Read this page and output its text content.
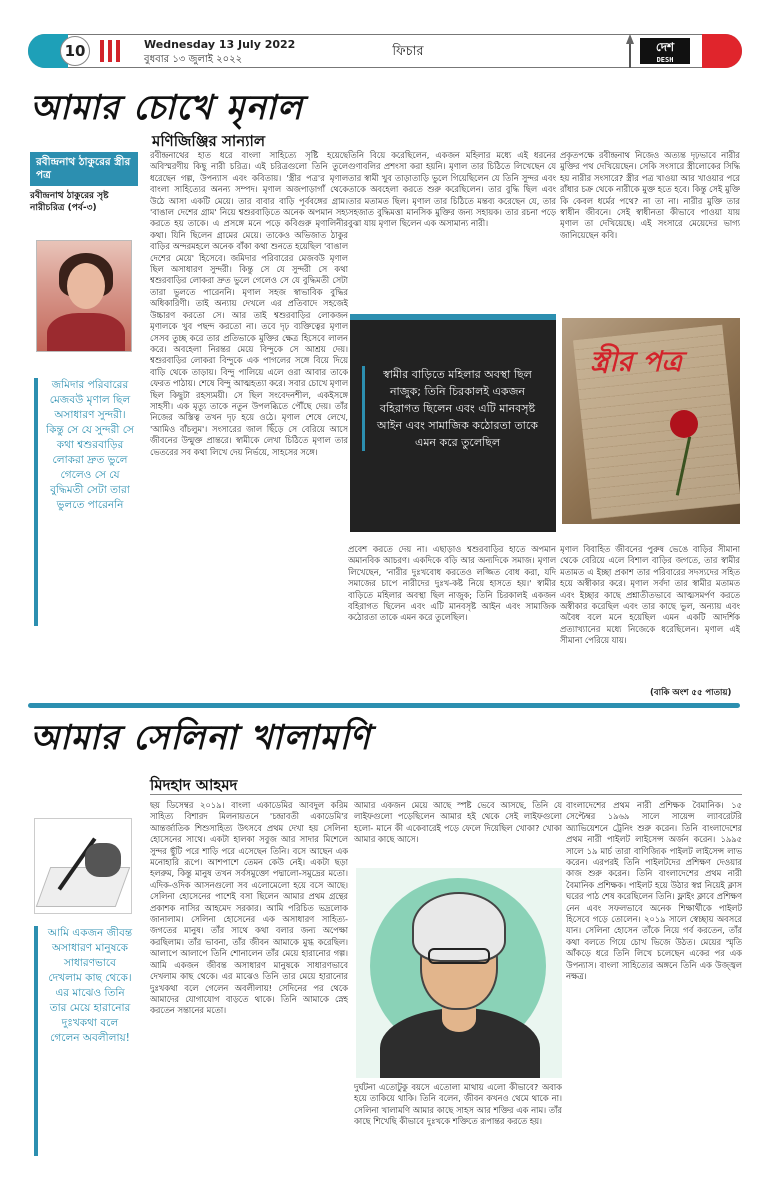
10	Wednesday 13 July 2022
বুধবার ১৩ জুলাই ২০২২
ফিচার	দেশ
DESH
আমার চোখে মৃনাল
মণিজিঞ্জির সান্যাল
রবীন্দ্রনাথ ঠাকুরের স্ত্রীর পত্র
রবীন্দ্রনাথ ঠাকুরের সৃষ্ট নারীচরিত্র (পর্ব-৩)
জমিদার পরিবারের মেজবউ মৃণাল ছিল অসাধারণ সুন্দরী। কিন্তু সে যে সুন্দরী সে কথা শ্বশুরবাড়ির লোকরা দ্রুত ভুলে গেলেও সে যে বুদ্ধিমতী সেটা তারা ভুলতে পারেননি
রবীন্দ্রনাথের হাত ধরে বাংলা সাহিত্যে সৃষ্টি হয়েছে অবিস্মরণীয় কিছু নারী চরিত্র। এই চরিত্রগুলো তিনি তুলে ধরেছেন গল্প, উপন্যাস এবং কবিতায়। 'স্ত্রীর পত্র'র মৃণাল বাংলা সাহিত্যের অনন্য সম্পদ। মৃণাল অজপাড়াগাঁ থেকে উঠে আসা একটি মেয়ে। তার বাবার বাড়ি পূর্ববঙ্গের গ্রাম। 'বাঙাল দেশের গ্রাম' নিয়ে শ্বশুরবাড়িতে অনেক অপমান সহ্য করতে হয় তাকে। এ প্রসঙ্গে মনে পড়ে কবিগুরু মৃণালিনীর কথা। যিনি ছিলেন গ্রামের মেয়ে। তাকেও অভিজাত ঠাকুর বাড়ির অন্দরমহলে অনেক বাঁকা কথা শুনতে হয়েছিল 'বাঙাল দেশের মেয়ে' হিসেবে। জমিদার পরিবারের মেজবউ মৃণাল ছিল অসাধারণ সুন্দরী। কিন্তু সে যে সুন্দরী সে কথা শ্বশুরবাড়ির লোকরা দ্রুত ভুলে গেলেও সে যে বুদ্ধিমতী সেটা তারা ভুলতে পারেননি। মৃণাল সহজ স্বাভাবিক বুদ্ধির অধিকারিণী। তাই অন্যায় দেখলে এর প্রতিবাদে সহজেই উচ্চারণ করতো সে। আর তাই শ্বশুরবাড়ির লোকজন মৃণালকে খুব পছন্দ করতো না। তবে দৃঢ় ব্যক্তিত্বের মৃণাল সেসব তুচ্ছ করে তার প্রতিভাকে মুক্তির ক্ষেত্র হিসেবে লালন করে। অবহেলা নিরন্তর মেয়ে বিন্দুকে সে আশ্রয় দেয়। শ্বশুরবাড়ির লোকরা বিন্দুকে এক পাগলের সঙ্গে বিয়ে দিয়ে বাড়ি থেকে তাড়ায়। বিন্দু পালিয়ে এলে ওরা আবার তাকে ফেরত পাঠায়। শেষে বিন্দু আত্মহত্যা করে। সবার চোখে মৃণাল ছিল কিছুটা রহস্যময়ী। সে ছিল সংবেদনশীল, একইসঙ্গে সাহসী। এক মৃত্যু তাকে নতুন উপলব্ধিতে পৌঁছে দেয়। তাঁর নিজের অস্তিত্ব তখন দৃঢ় হয়ে ওঠে। মৃণাল শেষে লেখে, 'আমিও বাঁচলুম'। সংসারের জাল ছিঁড়ে সে বেরিয়ে আসে জীবনের উন্মুক্ত প্রান্তরে। স্বামীকে লেখা চিঠিতে মৃণাল তার ভেতরের সব কথা লিখে দেয় নির্ভয়ে, সাহসের সঙ্গে।
তিনি বিয়ে করেছিলেন, একজন মহিলার মধ্যে এই ধরনের গুণাবলির প্রশংসা করা হয়নি। মৃণাল তার চিঠিতে লিখেছেন যে তার স্বামী খুব তাড়াতাড়ি ভুলে গিয়েছিলেন যে তিনি সুন্দর এবং তাকে অবহেলা করতে শুরু করেছিলেন। তার বুদ্ধি ছিল এবং তার মতামত ছিল। মৃণাল তার চিঠিতে মন্তব্য করেছেন যে, তার সহজাত বুদ্ধিমত্তা মানসিক মুক্তির জন্য সহায়ক। তার রচনা পড়ে বুঝা যায় মৃণাল ছিলেন এক অসামান্য নারী।
প্রকৃতপক্ষে রবীন্দ্রনাথ নিজেও অত্যন্ত দৃঢ়ভাবে নারীর মুক্তির পথ দেখিয়েছেন। সেকি সংসারে স্ত্রীলোকের সিদ্ধি হয় নারীর সংসারে? স্ত্রীর পত্র খাওয়া আর খাওয়ার পরে রাঁধার চক্র থেকে নারীকে মুক্ত হতে হবে। কিন্তু সেই মুক্তি কি কেবল ধর্মের পথে? না তা না। নারীর মুক্তি তার স্বাধীন জীবনে। সেই স্বাধীনতা কীভাবে পাওয়া যায় মৃণাল তা দেখিয়েছে। এই সংসারে মেয়েদের ভাগ্য জানিয়েছেন কবি।
স্বামীর বাড়িতে মহিলার অবস্থা ছিল নাজুক; তিনি চিরকালই একজন বহিরাগত ছিলেন এবং এটি মানবসৃষ্ট আইন এবং সামাজিক কঠোরতা তাকে এমন করে তুলেছিল
স্ত্রীর পত্র
প্রবেশ করতে দেয় না। এছাড়াও শ্বশুরবাড়ির হাতে অপমান অমানবিক আচরণ। একদিকে বড়ি আর অন্যদিকে সমাজ। মৃণাল লিখেছেন, 'নারীর দুঃখবোধ করতেও লজ্জিত বোধ করা, যদি সমাজের চাপে নারীদের দুঃখ-কষ্ট নিয়ে হাসতে হয়।' স্বামীর বাড়িতে মহিলার অবস্থা ছিল নাজুক; তিনি চিরকালই একজন বহিরাগত ছিলেন এবং এটি মানবসৃষ্ট আইন এবং সামাজিক কঠোরতা তাকে এমন করে তুলেছিল।
মৃণাল বিবাহিত জীবনের পুরুষ ভেঙে বাড়ির সীমানা থেকে বেরিয়ে এলে বিশাল বাড়ির জগতে, তার স্বামীর মতামত এ ইচ্ছা প্রকাশ তার পরিবারের সদস্যদের সহিত হয়ে অস্বীকার করে। মৃণাল সর্বদা তার স্বামীর মতামত এবং ইচ্ছার কাছে প্রশ্নাতীতভাবে আত্মসমর্পণ করতে অস্বীকার করেছিল এবং তার কাছে ভুল, অন্যায় এবং অবৈধ বলে মনে হয়েছিল এমন একটি আদর্শিক প্রত্যাখ্যানের মধ্যে নিজেকে ধরেছিলেন। মৃণাল এই সীমানা পেরিয়ে যায়।
(বাকি অংশ ৫৫ পাতায়)
আমার সেলিনা খালামণি
মিদহাদ আহমদ
আমি একজন জীবন্ত অসাধারণ মানুষকে সাধারণভাবে দেখলাম কাছ থেকে। এর মাঝেও তিনি তার মেয়ে হারানোর দুঃখকথা বলে গেলেন অবলীলায়!
ছয় ডিসেম্বর ২০১৯। বাংলা একাডেমির আবদুল করিম সাহিত্য বিশারদ মিলনায়তনে 'চন্দ্রাবতী একাডেমি'র আন্তর্জাতিক শিশুসাহিত্য উৎসবে প্রথম দেখা হয় সেলিনা হোসেনের সাথে। একটা হালকা সবুজ আর সাদার মিশেলে সুন্দর ছুঁটি পরে শাড়ি পরে এসেছেন তিনি। বসে আছেন এক মনোহারি রূপে। আশপাশে তেমন কেউ নেই। একটা ছড়া হলরুম, কিন্তু মানুষ তখন সর্বসমুক্তো পদ্মালো-সমুদ্রের মতো। এদিক-ওদিক আসনগুলো সব এলোমেলো হয়ে বসে আছে। সেলিনা হোসেনের পাশেই বসা ছিলেন আমার প্রথম গ্রন্থের প্রকাশক নাসির আহমেদ সরকার। আমি পরিচিত ভদ্রলোক জানালাম। সেলিনা হোসেনের এক অসাধারণ সাহিত্য-জগতের মানুষ। তাঁর সাথে কথা বলার জন্য অপেক্ষা করছিলাম। তাঁর ভাবনা, তাঁর জীবন আমাকে মুগ্ধ করেছিল। আলাপে আলাপে তিনি শোনালেন তাঁর মেয়ে হারানোর গল্প। আমি একজন জীবন্ত অসাধারণ মানুষকে সাধারণভাবে দেখলাম কাছ থেকে। এর মাঝেও তিনি তার মেয়ে হারানোর দুঃখকথা বলে গেলেন অবলীলায়! সেদিনের পর থেকে আমাদের যোগাযোগ বাড়তে থাকে। তিনি আমাকে স্নেহ করতেন সন্তানের মতো।
আমার একজন মেয়ে আছে স্পষ্ট ভেবে আসছে, তিনি যে লাইফগুলো পড়েছিলেন আমার হই থেকে সেই লাইফগুলো হলো- মানে কী একেবারেই পড়ে ফেলে দিয়েছিল খোকা? খোকা আমার কাছে আসে।
দুর্ঘটনা এতোটুকু বয়সে এতোলা মাথায় এলো কীভাবে? অবাক হয়ে তাকিয়ে থাকি। তিনি বলেন, জীবন কখনও থেমে থাকে না। সেলিনা খালামণি আমার কাছে সাহস আর শক্তির এক নাম। তাঁর কাছে শিখেছি কীভাবে দুঃখকে শক্তিতে রূপান্তর করতে হয়।
বাংলাদেশের প্রথম নারী প্রশিক্ষক বৈমানিক। ১৫ সেপ্টেম্বর ১৯৬৯ সালে সায়েন্স ল্যাবরেটরি অ্যাভিয়েশনে ট্রেনিং শুরু করেন। তিনি বাংলাদেশের প্রথম নারী পাইলট লাইসেন্স অর্জন করেন। ১৯৯৫ সালে ১৯ মার্চ তারা বাণিজ্যিক পাইলট লাইসেন্স লাভ করেন। এরপরই তিনি পাইলটদের প্রশিক্ষণ দেওয়ার কাজ শুরু করেন। তিনি বাংলাদেশের প্রথম নারী বৈমানিক প্রশিক্ষক। পাইলট হয়ে উঠার স্বপ্ন নিয়েই ক্লাস ঘরের পাঠ শেষ করেছিলেন তিনি। ফ্লাইং ক্লাবে প্রশিক্ষণ নেন এবং সফলভাবে অনেক শিক্ষার্থীকে পাইলট হিসেবে গড়ে তোলেন। ২০১৯ সালে স্বেচ্ছায় অবসরে যান। সেলিনা হোসেন তাঁকে নিয়ে গর্ব করতেন, তাঁর কথা বলতে গিয়ে চোখ ভিজে উঠত। মেয়ের স্মৃতি আঁকড়ে ধরে তিনি লিখে চলেছেন একের পর এক উপন্যাস। বাংলা সাহিত্যের অঙ্গনে তিনি এক উজ্জ্বল নক্ষত্র।
